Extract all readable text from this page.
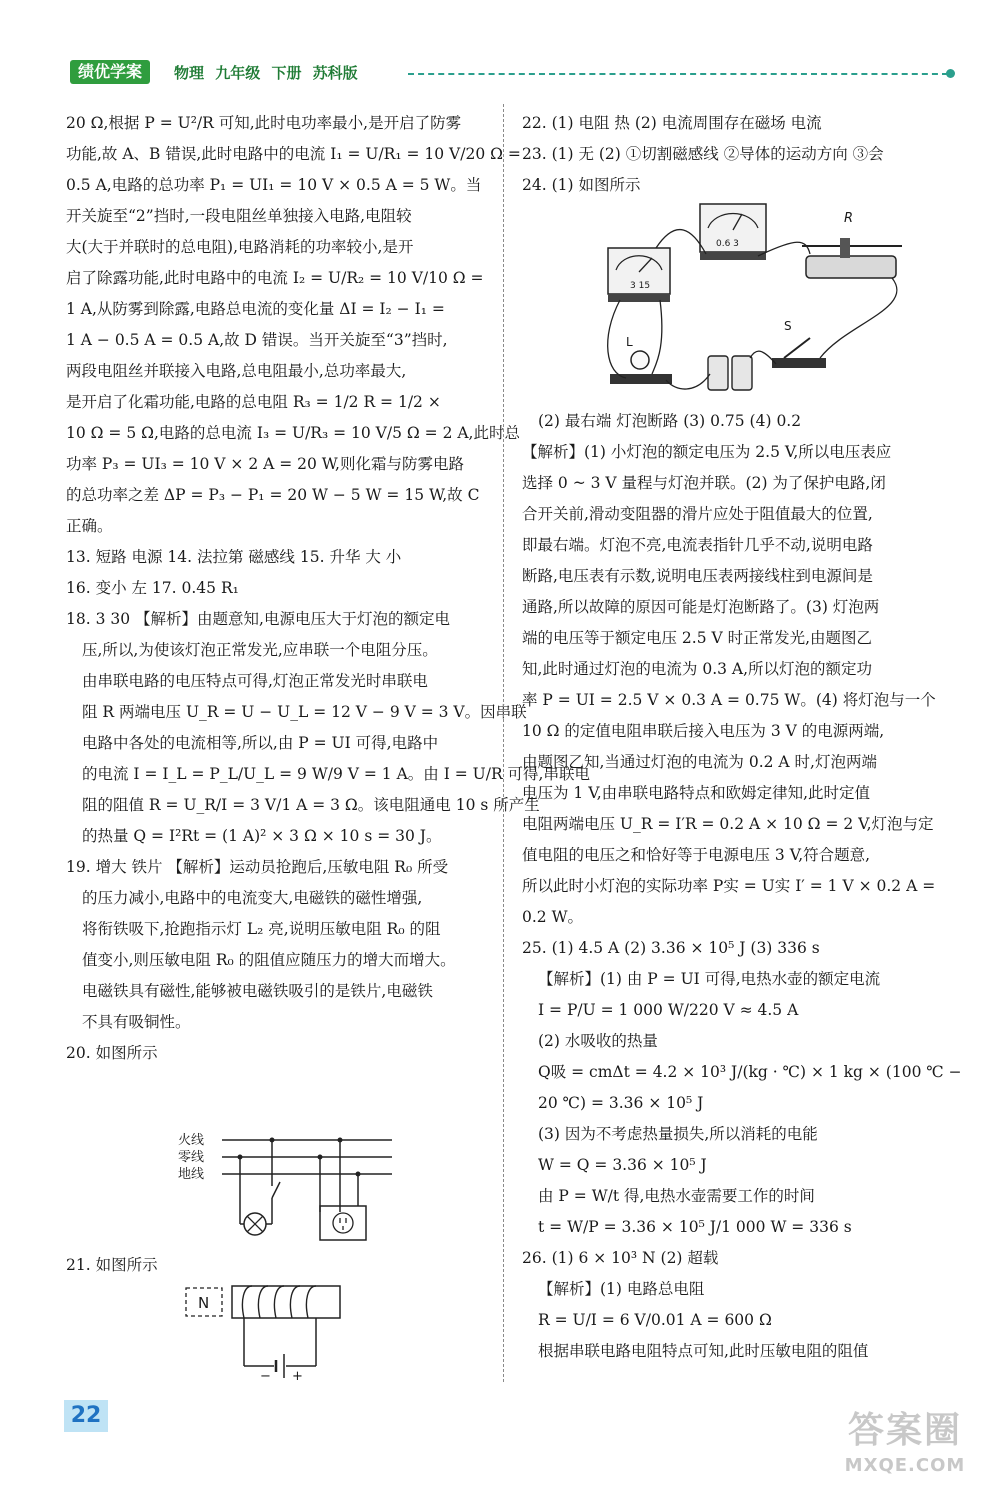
绩优学案	物理 九年级 下册 苏科版
20 Ω,根据 P = U²/R 可知,此时电功率最小,是开启了防雾
功能,故 A、B 错误,此时电路中的电流 I₁ = U/R₁ = 10 V/20 Ω =
0.5 A,电路的总功率 P₁ = UI₁ = 10 V × 0.5 A = 5 W。当
开关旋至“2”挡时,一段电阻丝单独接入电路,电阻较
大(大于并联时的总电阻),电路消耗的功率较小,是开
启了除露功能,此时电路中的电流 I₂ = U/R₂ = 10 V/10 Ω =
1 A,从防雾到除露,电路总电流的变化量 ΔI = I₂ − I₁ =
1 A − 0.5 A = 0.5 A,故 D 错误。当开关旋至“3”挡时,
两段电阻丝并联接入电路,总电阻最小,总功率最大,
是开启了化霜功能,电路的总电阻 R₃ = 1/2 R = 1/2 ×
10 Ω = 5 Ω,电路的总电流 I₃ = U/R₃ = 10 V/5 Ω = 2 A,此时总
功率 P₃ = UI₃ = 10 V × 2 A = 20 W,则化霜与防雾电路
的总功率之差 ΔP = P₃ − P₁ = 20 W − 5 W = 15 W,故 C
正确。
13. 短路 电源 14. 法拉第 磁感线 15. 升华 大 小
16. 变小 左 17. 0.45 R₁
18. 3 30 【解析】由题意知,电源电压大于灯泡的额定电
压,所以,为使该灯泡正常发光,应串联一个电阻分压。
由串联电路的电压特点可得,灯泡正常发光时串联电
阻 R 两端电压 U_R = U − U_L = 12 V − 9 V = 3 V。因串联
电路中各处的电流相等,所以,由 P = UI 可得,电路中
的电流 I = I_L = P_L/U_L = 9 W/9 V = 1 A。由 I = U/R 可得,串联电
阻的阻值 R = U_R/I = 3 V/1 A = 3 Ω。该电阻通电 10 s 所产生
的热量 Q = I²Rt = (1 A)² × 3 Ω × 10 s = 30 J。
19. 增大 铁片 【解析】运动员抢跑后,压敏电阻 R₀ 所受
的压力减小,电路中的电流变大,电磁铁的磁性增强,
将衔铁吸下,抢跑指示灯 L₂ 亮,说明压敏电阻 R₀ 的阻
值变小,则压敏电阻 R₀ 的阻值应随压力的增大而增大。
电磁铁具有磁性,能够被电磁铁吸引的是铁片,电磁铁
不具有吸铜性。
20. 如图所示
火线
零线
地线
21. 如图所示
N
− +
22. (1) 电阻 热 (2) 电流周围存在磁场 电流
23. (1) 无 (2) ①切割磁感线 ②导体的运动方向 ③会
24. (1) 如图所示
3 15
0.6 3
R
L
S
(2) 最右端 灯泡断路 (3) 0.75 (4) 0.2
【解析】(1) 小灯泡的额定电压为 2.5 V,所以电压表应
选择 0 ~ 3 V 量程与灯泡并联。(2) 为了保护电路,闭
合开关前,滑动变阻器的滑片应处于阻值最大的位置,
即最右端。灯泡不亮,电流表指针几乎不动,说明电路
断路,电压表有示数,说明电压表两接线柱到电源间是
通路,所以故障的原因可能是灯泡断路了。(3) 灯泡两
端的电压等于额定电压 2.5 V 时正常发光,由题图乙
知,此时通过灯泡的电流为 0.3 A,所以灯泡的额定功
率 P = UI = 2.5 V × 0.3 A = 0.75 W。(4) 将灯泡与一个
10 Ω 的定值电阻串联后接入电压为 3 V 的电源两端,
由题图乙知,当通过灯泡的电流为 0.2 A 时,灯泡两端
电压为 1 V,由串联电路特点和欧姆定律知,此时定值
电阻两端电压 U_R = I′R = 0.2 A × 10 Ω = 2 V,灯泡与定
值电阻的电压之和恰好等于电源电压 3 V,符合题意,
所以此时小灯泡的实际功率 P实 = U实 I′ = 1 V × 0.2 A =
0.2 W。
25. (1) 4.5 A (2) 3.36 × 10⁵ J (3) 336 s
【解析】(1) 由 P = UI 可得,电热水壶的额定电流
I = P/U = 1 000 W/220 V ≈ 4.5 A
(2) 水吸收的热量
Q吸 = cmΔt = 4.2 × 10³ J/(kg · ℃) × 1 kg × (100 ℃ −
20 ℃) = 3.36 × 10⁵ J
(3) 因为不考虑热量损失,所以消耗的电能
W = Q = 3.36 × 10⁵ J
由 P = W/t 得,电热水壶需要工作的时间
t = W/P = 3.36 × 10⁵ J/1 000 W = 336 s
26. (1) 6 × 10³ N (2) 超载
【解析】(1) 电路总电阻
R = U/I = 6 V/0.01 A = 600 Ω
根据串联电路电阻特点可知,此时压敏电阻的阻值
22	答案圈
MXQE.COM
